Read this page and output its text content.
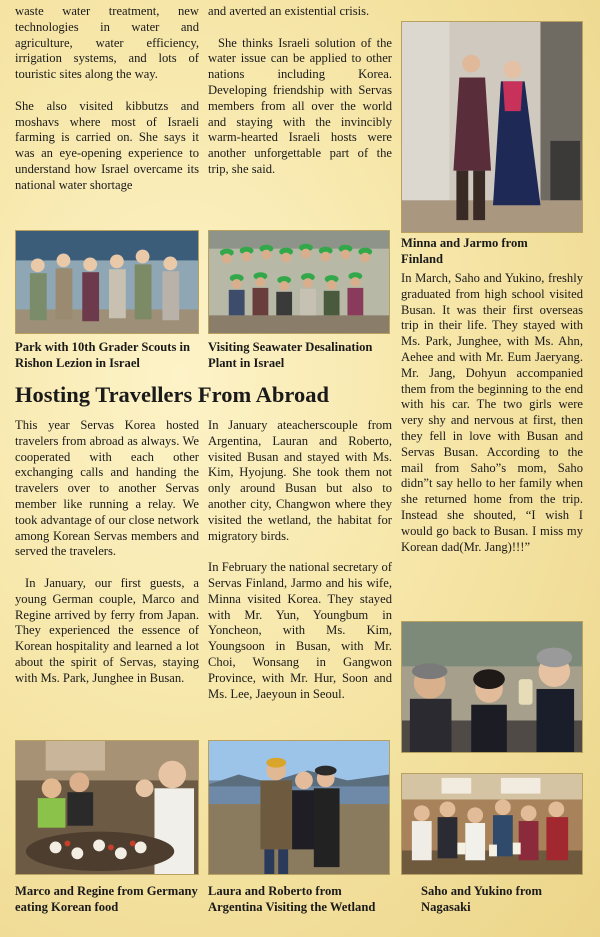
waste water treatment, new technologies in water and agriculture, water efficiency, irrigation systems, and lots of touristic sites along the way.

She also visited kibbutzs and moshavs where most of Israeli farming is carried on. She says it was an eye-opening experience to understand how Israel overcame its national water shortage

and averted an existential crisis.

She thinks Israeli solution of the water issue can be applied to other nations including Korea. Developing friendship with Servas members from all over the world and staying with the invincibly warm-hearted Israeli hosts were another unforgettable part of the trip, she said.

Minna and Jarmo from Finland
Park with 10th Grader Scouts in Rishon Lezion in Israel
Visiting Seawater Desalination Plant in Israel
Hosting Travellers From Abroad

This year Servas Korea hosted travelers from abroad as always. We cooperated with each other exchanging calls and handing the travelers over to another Servas member like running a relay. We took advantage of our close network among Korean Servas members and served the travelers.

In January, our first guests, a young German couple, Marco and Regine arrived by ferry from Japan. They experienced the essence of Korean hospitality and learned a lot about the spirit of Servas, staying with Ms. Park, Junghee in Busan.

In January ateacherscouple from Argentina, Lauran and Roberto, visited Busan and stayed with Ms. Kim, Hyojung. She took them not only around Busan but also to another city, Changwon where they visited the wetland, the habitat for migratory birds.

In February the national secretary of Servas Finland, Jarmo and his wife, Minna visited Korea. They stayed with Mr. Yun, Youngbum in Yoncheon, with Ms. Kim, Youngsoon in Busan, with Mr. Choi, Wonsang in Gangwon Province, with Mr. Hur, Soon and Ms. Lee, Jaeyoun in Seoul.

In March, Saho and Yukino, freshly graduated from high school visited Busan. It was their first overseas trip in their life. They stayed with Ms. Park, Junghee, with Ms. Ahn, Aehee and with Mr. Eum Jaeryang. Mr. Jang, Dohyun accompanied them from the beginning to the end with his car. The two girls were very shy and nervous at first, then they fell in love with Busan and Servas Busan. According to the mail from Saho”s mom, Saho didn”t say hello to her family when she returned home from the trip. Instead she shouted, “I wish I would go back to Busan. I miss my Korean dad(Mr. Jang)!!!”

Marco and Regine from Germany eating Korean food
Laura and Roberto from Argentina Visiting the Wetland
Saho and Yukino from Nagasaki
